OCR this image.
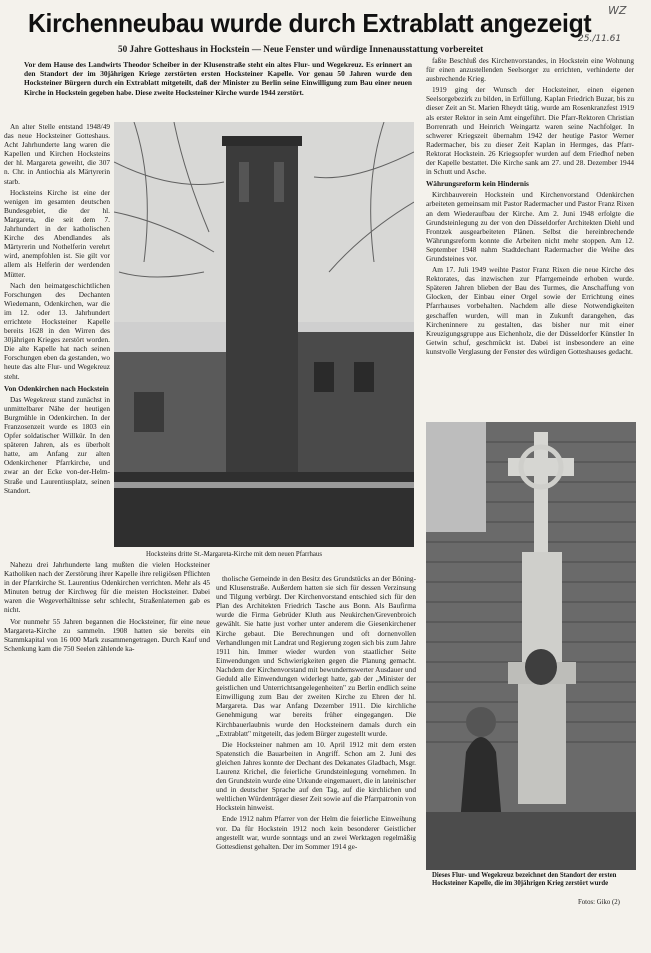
Kirchenneubau wurde durch Extrablatt angezeigt WZ
25./11.61
50 Jahre Gotteshaus in Hockstein — Neue Fenster und würdige Innenausstattung vorbereitet
Vor dem Hause des Landwirts Theodor Scheiber in der Klusenstraße steht ein altes Flur- und Wegekreuz. Es erinnert an den Standort der im 30jährigen Kriege zerstörten ersten Hocksteiner Kapelle. Vor genau 50 Jahren wurde den Hocksteiner Bürgern durch ein Extrablatt mitgeteilt, daß der Minister zu Berlin seine Einwilligung zum Bau einer neuen Kirche in Hockstein gegeben habe. Diese zweite Hocksteiner Kirche wurde 1944 zerstört.

An alter Stelle entstand 1948/49 das neue Hocksteiner Gotteshaus. Acht Jahrhunderte lang waren die Kapellen und Kirchen Hocksteins der hl. Margareta geweiht, die 307 n. Chr. in Antiochia als Märtyrerin starb.

Hocksteins Kirche ist eine der wenigen im gesamten deutschen Bundesgebiet, die der hl. Margareta, die seit dem 7. Jahrhundert in der katholischen Kirche des Abendlandes als Märtyrerin und Nothelferin verehrt wird, anempfohlen ist. Sie gilt vor allem als Helferin der werdenden Mütter.

Nach den heimatgeschichtlichen Forschungen des Dechanten Wiedemann, Odenkirchen, war die im 12. oder 13. Jahrhundert errichtete Hocksteiner Kapelle bereits 1628 in den Wirren des 30jährigen Krieges zerstört worden. Die alte Kapelle hat nach seinen Forschungen eben da gestanden, wo heute das alte Flur- und Wegekreuz steht.

Von Odenkirchen nach Hockstein

Das Wegekreuz stand zunächst in unmittelbarer Nähe der heutigen Burgmühle in Odenkirchen. In der Franzosenzeit wurde es 1803 ein Opfer soldatischer Willkür. In den späteren Jahren, als es überholt hatte, am Anfang zur alten Odenkirchener Pfarrkirche, und zwar an der Ecke von-der-Helm-Straße und Laurentiusplatz, seinen Standort.

Hocksteins dritte St.-Margareta-Kirche mit dem neuen Pfarrhaus

Nahezu drei Jahrhunderte lang mußten die vielen Hocksteiner Katholiken nach der Zerstörung ihrer Kapelle ihre religiösen Pflichten in der Pfarrkirche St. Laurentius Odenkirchen verrichten. Mehr als 45 Minuten betrug der Kirchweg für die meisten Hocksteiner. Dabei waren die Wegeverhältnisse sehr schlecht, Straßenlaternen gab es nicht.

Vor nunmehr 55 Jahren begannen die Hocksteiner, für eine neue Margareta-Kirche zu sammeln. 1908 hatten sie bereits ein Stammkapital von 16 000 Mark zusammengetragen. Durch Kauf und Schenkung kam die 750 Seelen zählende ka-

tholische Gemeinde in den Besitz des Grundstücks an der Böning- und Klusenstraße. Außerdem hatten sie sich für dessen Verzinsung und Tilgung verbürgt. Der Kirchenvorstand entschied sich für den Plan des Architekten Friedrich Tasche aus Bonn. Als Baufirma wurde die Firma Gebrüder Kluth aus Neukirchen/Grevenbroich gewählt. Sie hatte just vorher unter anderem die Giesenkirchener Kirche gebaut. Die Berechnungen und oft dornenvollen Verhandlungen mit Landrat und Regierung zogen sich bis zum Jahre 1911 hin. Immer wieder wurden von staatlicher Seite Einwendungen und Schwierigkeiten gegen die Planung gemacht. Nachdem der Kirchenvorstand mit bewundernswerter Ausdauer und Geduld alle Einwendungen widerlegt hatte, gab der „Minister der geistlichen und Unterrichtsangelegenheiten" zu Berlin endlich seine Einwilligung zum Bau der zweiten Kirche zu Ehren der hl. Margareta. Das war Anfang Dezember 1911. Die kirchliche Genehmigung war bereits früher eingegangen. Die Kirchbauerlaubnis wurde den Hocksteinern damals durch ein „Extrablatt" mitgeteilt, das jedem Bürger zugestellt wurde.

Die Hocksteiner nahmen am 10. April 1912 mit dem ersten Spatenstich die Bauarbeiten in Angriff. Schon am 2. Juni des gleichen Jahres konnte der Dechant des Dekanates Gladbach, Msgr. Laurenz Krichel, die feierliche Grundsteinlegung vornehmen. In den Grundstein wurde eine Urkunde eingemauert, die in lateinischer und in deutscher Sprache auf den Tag, auf die kirchlichen und weltlichen Würdenträger dieser Zeit sowie auf die Pfarrpatronin von Hockstein hinweist.

Ende 1912 nahm Pfarrer von der Helm die feierliche Einweihung vor. Da für Hockstein 1912 noch kein besonderer Geistlicher angestellt war, wurde sonntags und an zwei Werktagen regelmäßig Gottesdienst gehalten. Der im Sommer 1914 ge-

faßte Beschluß des Kirchenvorstandes, in Hockstein eine Wohnung für einen anzustellenden Seelsorger zu errichten, verhinderte der ausbrechende Krieg.

1919 ging der Wunsch der Hocksteiner, einen eigenen Seelsorgebezirk zu bilden, in Erfüllung. Kaplan Friedrich Buzar, bis zu dieser Zeit an St. Marien Rheydt tätig, wurde am Rosenkranzfest 1919 als erster Rektor in sein Amt eingeführt. Die Pfarr-Rektoren Christian Borrenrath und Heinrich Weingartz waren seine Nachfolger. In schwerer Kriegszeit übernahm 1942 der heutige Pastor Werner Radermacher, bis zu dieser Zeit Kaplan in Hermges, das Pfarr-Rektorat Hockstein. 26 Kriegsopfer wurden auf dem Friedhof neben der Kapelle bestattet. Die Kirche sank am 27. und 28. Dezember 1944 in Schutt und Asche.

Währungsreform kein Hindernis

Kirchbauverein Hockstein und Kirchenvorstand Odenkirchen arbeiteten gemeinsam mit Pastor Radermacher und Pastor Franz Rixen an dem Wiederaufbau der Kirche. Am 2. Juni 1948 erfolgte die Grundsteinlegung zu der von den Düsseldorfer Architekten Diehl und Frontzek ausgearbeiteten Plänen. Selbst die hereinbrechende Währungsreform konnte die Arbeiten nicht mehr stoppen. Am 12. September 1948 nahm Stadtdechant Radermacher die Weihe des Grundsteines vor.

Am 17. Juli 1949 weihte Pastor Franz Rixen die neue Kirche des Rektorates, das inzwischen zur Pfarrgemeinde erhoben wurde. Späteren Jahren blieben der Bau des Turmes, die Anschaffung von Glocken, der Einbau einer Orgel sowie der Errichtung eines Pfarrhauses vorbehalten. Nachdem alle diese Notwendigkeiten geschaffen wurden, will man in Zukunft darangehen, das Kircheninnere zu gestalten, das bisher nur mit einer Kreuzigungsgruppe aus Eichenholz, die der Düsseldorfer Künstler In Getwin schuf, geschmückt ist. Dabei ist insbesondere an eine kunstvolle Verglasung der Fenster des würdigen Gotteshauses gedacht.

Dieses Flur- und Wegekreuz bezeichnet den Standort der ersten Hocksteiner Kapelle, die im 30jährigen Krieg zerstört wurde
Fotos: Giko (2)
